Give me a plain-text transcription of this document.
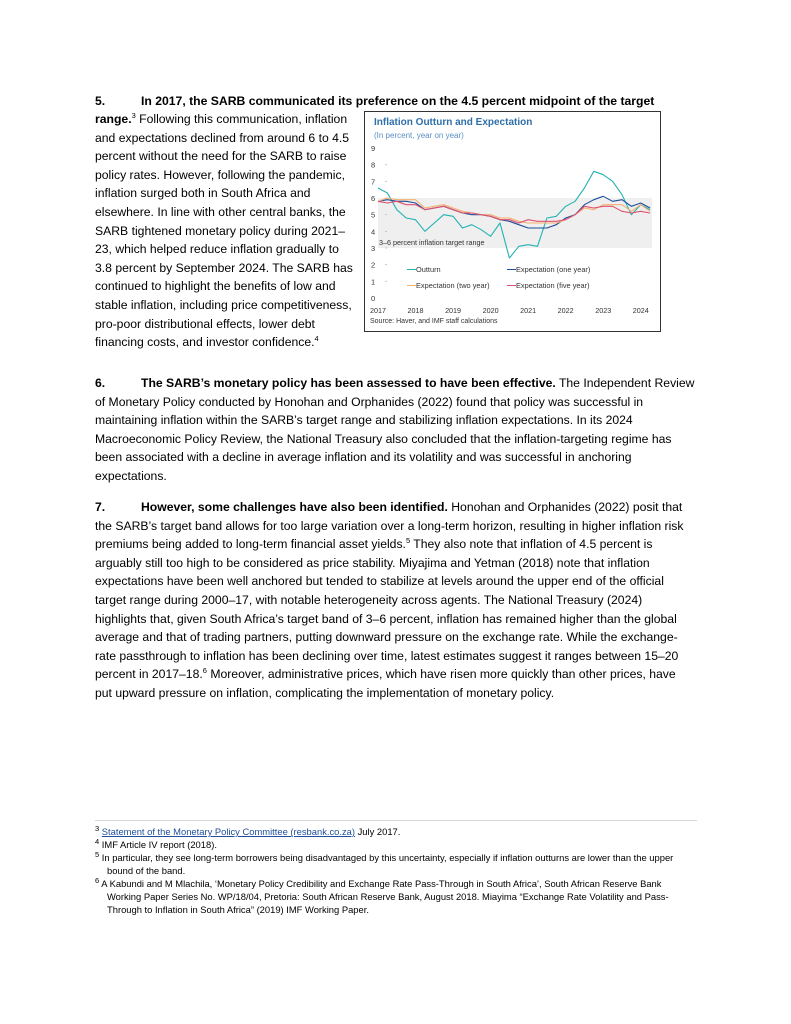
5.	In 2017, the SARB communicated its preference on the 4.5 percent midpoint of the target
range.$^3$ Following this communication, inflation and expectations declined from around 6 to 4.5 percent without the need for the SARB to raise policy rates. However, following the pandemic, inflation surged both in South Africa and elsewhere. In line with other central banks, the SARB tightened monetary policy during 2021–23, which helped reduce inflation gradually to 3.8 percent by September 2024. The SARB has continued to highlight the benefits of low and stable inflation, including price competitiveness, pro-poor distributional effects, lower debt financing costs, and investor confidence.$^4$
Inflation Outturn and Expectation
(In percent, year on year)
3–6 percent inflation target range
0
1
2
3
4
5
6
7
8
9
2017	2018	2019	2020	2021	2022	2023	2024
Outturn	Expectation (one year)
Expectation (two year)	Expectation (five year)
Source: Haver, and IMF staff calculations
6.	The SARB’s monetary policy has been assessed to have been effective. The Independent Review of Monetary Policy conducted by Honohan and Orphanides (2022) found that policy was successful in maintaining inflation within the SARB’s target range and stabilizing inflation expectations. In its 2024 Macroeconomic Policy Review, the National Treasury also concluded that the inflation-targeting regime has been associated with a decline in average inflation and its volatility and was successful in anchoring expectations.
7.	However, some challenges have also been identified. Honohan and Orphanides (2022) posit that the SARB’s target band allows for too large variation over a long-term horizon, resulting in higher inflation risk premiums being added to long-term financial asset yields.$^5$ They also note that inflation of 4.5 percent is arguably still too high to be considered as price stability. Miyajima and Yetman (2018) note that inflation expectations have been well anchored but tended to stabilize at levels around the upper end of the official target range during 2000–17, with notable heterogeneity across agents. The National Treasury (2024) highlights that, given South Africa’s target band of 3–6 percent, inflation has remained higher than the global average and that of trading partners, putting downward pressure on the exchange rate. While the exchange-rate passthrough to inflation has been declining over time, latest estimates suggest it ranges between 15–20 percent in 2017–18.$^6$ Moreover, administrative prices, which have risen more quickly than other prices, have put upward pressure on inflation, complicating the implementation of monetary policy.
$^3$ Statement of the Monetary Policy Committee (resbank.co.za) July 2017.
$^4$ IMF Article IV report (2018).
$^5$ In particular, they see long-term borrowers being disadvantaged by this uncertainty, especially if inflation outturns are lower than the upper bound of the band.
$^6$ A Kabundi and M Mlachila, ‘Monetary Policy Credibility and Exchange Rate Pass-Through in South Africa’, South African Reserve Bank Working Paper Series No. WP/18/04, Pretoria: South African Reserve Bank, August 2018. Miayima “Exchange Rate Volatility and Pass-Through to Inflation in South Africa” (2019) IMF Working Paper.
